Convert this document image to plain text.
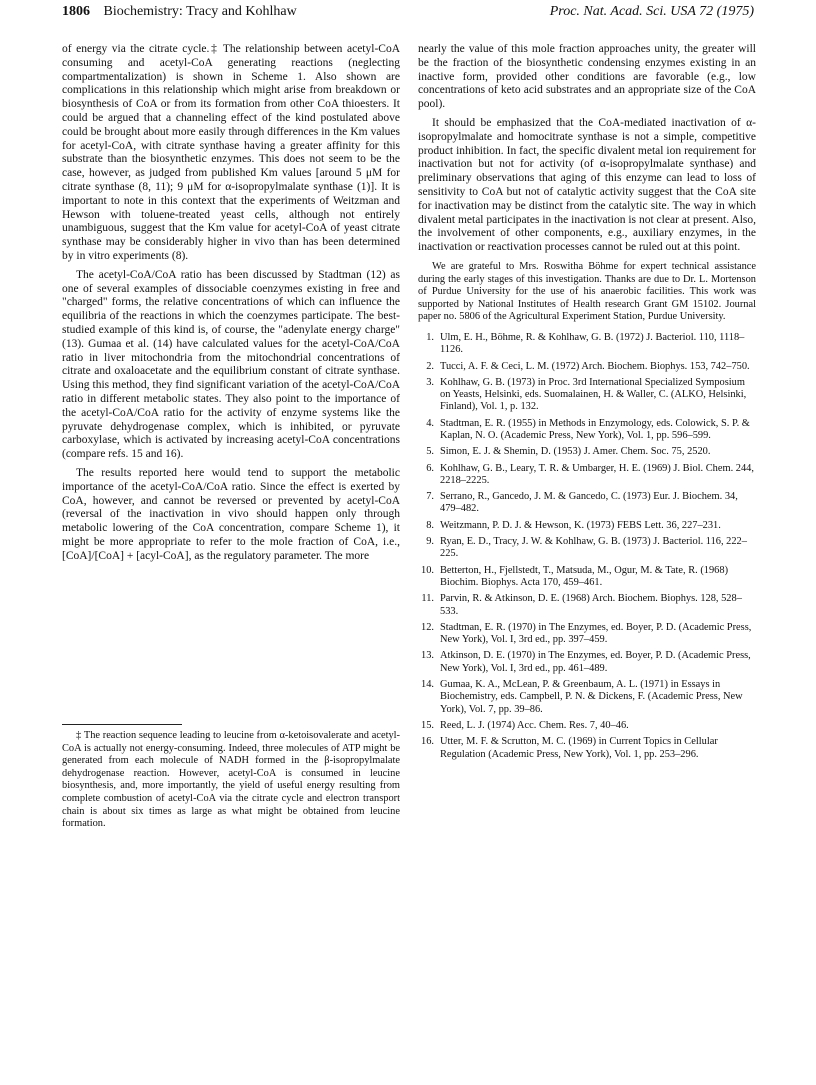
1806 Biochemistry: Tracy and Kohlhaw	Proc. Nat. Acad. Sci. USA 72 (1975)

of energy via the citrate cycle.‡ The relationship between acetyl-CoA consuming and acetyl-CoA generating reactions (neglecting compartmentalization) is shown in Scheme 1. Also shown are complications in this relationship which might arise from breakdown or biosynthesis of CoA or from its formation from other CoA thioesters. It could be argued that a channeling effect of the kind postulated above could be brought about more easily through differences in the Km values for acetyl-CoA, with citrate synthase having a greater affinity for this substrate than the biosynthetic enzymes. This does not seem to be the case, however, as judged from published Km values [around 5 μM for citrate synthase (8, 11); 9 μM for α-isopropylmalate synthase (1)]. It is important to note in this context that the experiments of Weitzman and Hewson with toluene-treated yeast cells, although not entirely unambiguous, suggest that the Km value for acetyl-CoA of yeast citrate synthase may be considerably higher in vivo than has been determined by in vitro experiments (8).

The acetyl-CoA/CoA ratio has been discussed by Stadtman (12) as one of several examples of dissociable coenzymes existing in free and "charged" forms, the relative concentrations of which can influence the equilibria of the reactions in which the coenzymes participate. The best-studied example of this kind is, of course, the "adenylate energy charge" (13). Gumaa et al. (14) have calculated values for the acetyl-CoA/CoA ratio in liver mitochondria from the mitochondrial concentrations of citrate and oxaloacetate and the equilibrium constant of citrate synthase. Using this method, they find significant variation of the acetyl-CoA/CoA ratio in different metabolic states. They also point to the importance of the acetyl-CoA/CoA ratio for the activity of enzyme systems like the pyruvate dehydrogenase complex, which is inhibited, or pyruvate carboxylase, which is activated by increasing acetyl-CoA concentrations (compare refs. 15 and 16).

The results reported here would tend to support the metabolic importance of the acetyl-CoA/CoA ratio. Since the effect is exerted by CoA, however, and cannot be reversed or prevented by acetyl-CoA (reversal of the inactivation in vivo should happen only through metabolic lowering of the CoA concentration, compare Scheme 1), it might be more appropriate to refer to the mole fraction of CoA, i.e., [CoA]/[CoA] + [acyl-CoA], as the regulatory parameter. The more

‡ The reaction sequence leading to leucine from α-ketoisovalerate and acetyl-CoA is actually not energy-consuming. Indeed, three molecules of ATP might be generated from each molecule of NADH formed in the β-isopropylmalate dehydrogenase reaction. However, acetyl-CoA is consumed in leucine biosynthesis, and, more importantly, the yield of useful energy resulting from complete combustion of acetyl-CoA via the citrate cycle and electron transport chain is about six times as large as what might be obtained from leucine formation.

nearly the value of this mole fraction approaches unity, the greater will be the fraction of the biosynthetic condensing enzymes existing in an inactive form, provided other conditions are favorable (e.g., low concentrations of keto acid substrates and an appropriate size of the CoA pool).

It should be emphasized that the CoA-mediated inactivation of α-isopropylmalate and homocitrate synthase is not a simple, competitive product inhibition. In fact, the specific divalent metal ion requirement for inactivation but not for activity (of α-isopropylmalate synthase) and preliminary observations that aging of this enzyme can lead to loss of sensitivity to CoA but not of catalytic activity suggest that the CoA site for inactivation may be distinct from the catalytic site. The way in which divalent metal participates in the inactivation is not clear at present. Also, the involvement of other components, e.g., auxiliary enzymes, in the inactivation or reactivation processes cannot be ruled out at this point.

We are grateful to Mrs. Roswitha Böhme for expert technical assistance during the early stages of this investigation. Thanks are due to Dr. L. Mortenson of Purdue University for the use of his anaerobic facilities. This work was supported by National Institutes of Health research Grant GM 15102. Journal paper no. 5806 of the Agricultural Experiment Station, Purdue University.

1. Ulm, E. H., Böhme, R. & Kohlhaw, G. B. (1972) J. Bacteriol. 110, 1118–1126.
2. Tucci, A. F. & Ceci, L. M. (1972) Arch. Biochem. Biophys. 153, 742–750.
3. Kohlhaw, G. B. (1973) in Proc. 3rd International Specialized Symposium on Yeasts, Helsinki, eds. Suomalainen, H. & Waller, C. (ALKO, Helsinki, Finland), Vol. 1, p. 132.
4. Stadtman, E. R. (1955) in Methods in Enzymology, eds. Colowick, S. P. & Kaplan, N. O. (Academic Press, New York), Vol. 1, pp. 596–599.
5. Simon, E. J. & Shemin, D. (1953) J. Amer. Chem. Soc. 75, 2520.
6. Kohlhaw, G. B., Leary, T. R. & Umbarger, H. E. (1969) J. Biol. Chem. 244, 2218–2225.
7. Serrano, R., Gancedo, J. M. & Gancedo, C. (1973) Eur. J. Biochem. 34, 479–482.
8. Weitzmann, P. D. J. & Hewson, K. (1973) FEBS Lett. 36, 227–231.
9. Ryan, E. D., Tracy, J. W. & Kohlhaw, G. B. (1973) J. Bacteriol. 116, 222–225.
10. Betterton, H., Fjellstedt, T., Matsuda, M., Ogur, M. & Tate, R. (1968) Biochim. Biophys. Acta 170, 459–461.
11. Parvin, R. & Atkinson, D. E. (1968) Arch. Biochem. Biophys. 128, 528–533.
12. Stadtman, E. R. (1970) in The Enzymes, ed. Boyer, P. D. (Academic Press, New York), Vol. I, 3rd ed., pp. 397–459.
13. Atkinson, D. E. (1970) in The Enzymes, ed. Boyer, P. D. (Academic Press, New York), Vol. I, 3rd ed., pp. 461–489.
14. Gumaa, K. A., McLean, P. & Greenbaum, A. L. (1971) in Essays in Biochemistry, eds. Campbell, P. N. & Dickens, F. (Academic Press, New York), Vol. 7, pp. 39–86.
15. Reed, L. J. (1974) Acc. Chem. Res. 7, 40–46.
16. Utter, M. F. & Scrutton, M. C. (1969) in Current Topics in Cellular Regulation (Academic Press, New York), Vol. 1, pp. 253–296.
